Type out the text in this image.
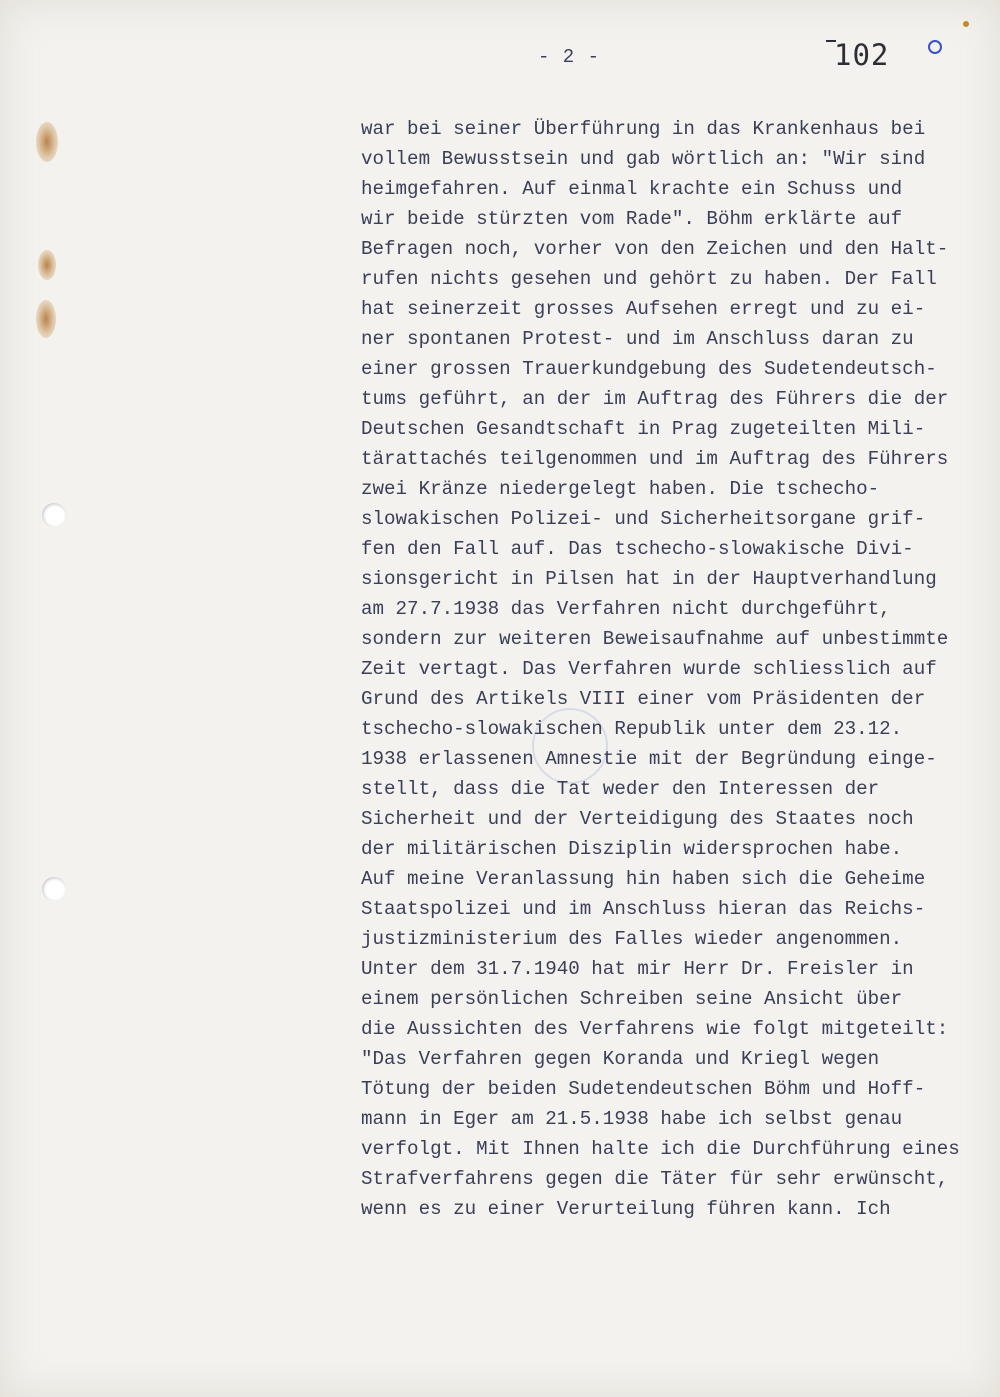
- 2 -	102
war bei seiner Überführung in das Krankenhaus bei
vollem Bewusstsein und gab wörtlich an: "Wir sind
heimgefahren. Auf einmal krachte ein Schuss und
wir beide stürzten vom Rade". Böhm erklärte auf
Befragen noch, vorher von den Zeichen und den Halt-
rufen nichts gesehen und gehört zu haben. Der Fall
hat seinerzeit grosses Aufsehen erregt und zu ei-
ner spontanen Protest- und im Anschluss daran zu
einer grossen Trauerkundgebung des Sudetendeutsch-
tums geführt, an der im Auftrag des Führers die der
Deutschen Gesandtschaft in Prag zugeteilten Mili-
tärattachés teilgenommen und im Auftrag des Führers
zwei Kränze niedergelegt haben. Die tschecho-
slowakischen Polizei- und Sicherheitsorgane grif-
fen den Fall auf. Das tschecho-slowakische Divi-
sionsgericht in Pilsen hat in der Hauptverhandlung
am 27.7.1938 das Verfahren nicht durchgeführt,
sondern zur weiteren Beweisaufnahme auf unbestimmte
Zeit vertagt. Das Verfahren wurde schliesslich auf
Grund des Artikels VIII einer vom Präsidenten der
tschecho-slowakischen Republik unter dem 23.12.
1938 erlassenen Amnestie mit der Begründung einge-
stellt, dass die Tat weder den Interessen der
Sicherheit und der Verteidigung des Staates noch
der militärischen Disziplin widersprochen habe.
Auf meine Veranlassung hin haben sich die Geheime
Staatspolizei und im Anschluss hieran das Reichs-
justizministerium des Falles wieder angenommen.
Unter dem 31.7.1940 hat mir Herr Dr. Freisler in
einem persönlichen Schreiben seine Ansicht über
die Aussichten des Verfahrens wie folgt mitgeteilt:
"Das Verfahren gegen Koranda und Kriegl wegen
Tötung der beiden Sudetendeutschen Böhm und Hoff-
mann in Eger am 21.5.1938 habe ich selbst genau
verfolgt. Mit Ihnen halte ich die Durchführung eines
Strafverfahrens gegen die Täter für sehr erwünscht,
wenn es zu einer Verurteilung führen kann. Ich
